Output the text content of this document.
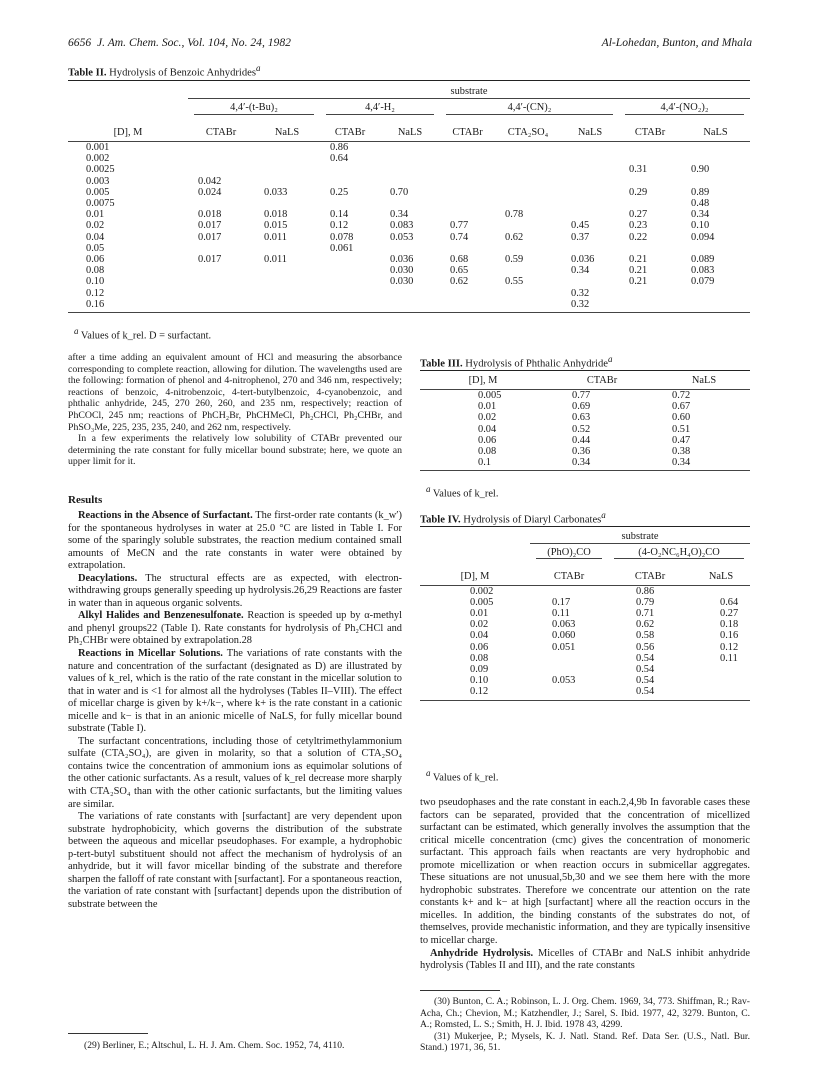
6656 J. Am. Chem. Soc., Vol. 104, No. 24, 1982	Al-Lohedan, Bunton, and Mhala
Table II. Hydrolysis of Benzoic Anhydrides$^a$

	substrate								
	4,4′-(t-Bu)₂		4,4′-H₂		4,4′-(CN)₂			4,4′-(NO₂)₂	

[D], M	CTABr	NaLS	CTABr	NaLS	CTABr	CTA₂SO₄	NaLS	CTABr	NaLS

0.001			0.86						
0.002			0.64						
0.0025								0.31	0.90
0.003	0.042								
0.005	0.024	0.033	0.25	0.70				0.29	0.89
0.0075									0.48
0.01	0.018	0.018	0.14	0.34		0.78		0.27	0.34
0.02	0.017	0.015	0.12	0.083	0.77		0.45	0.23	0.10
0.04	0.017	0.011	0.078	0.053	0.74	0.62	0.37	0.22	0.094
0.05			0.061						
0.06	0.017	0.011		0.036	0.68	0.59	0.036	0.21	0.089
0.08				0.030	0.65		0.34	0.21	0.083
0.10				0.030	0.62	0.55		0.21	0.079
0.12							0.32		
0.16							0.32		

a Values of k_rel. D = surfactant.

after a time adding an equivalent amount of HCl and measuring the absorbance corresponding to complete reaction, allowing for dilution. The wavelengths used are the following: formation of phenol and 4-nitrophenol, 270 and 346 nm, respectively; reactions of benzoic, 4-nitrobenzoic, 4-tert-butylbenzoic, 4-cyanobenzoic, and phthalic anhydride, 245, 270 260, 260, and 235 nm, respectively; reaction of PhCOCl, 245 nm; reactions of PhCH₂Br, PhCHMeCl, Ph₂CHCl, Ph₂CHBr, and PhSO₃Me, 225, 235, 235, 240, and 262 nm, respectively.

In a few experiments the relatively low solubility of CTABr prevented our determining the rate constant for fully micellar bound substrate; here, we quote an upper limit for it.

Results

Reactions in the Absence of Surfactant. The first-order rate contants (k_w′) for the spontaneous hydrolyses in water at 25.0 °C are listed in Table I. For some of the sparingly soluble substrates, the reaction medium contained small amounts of MeCN and the rate constants in water were obtained by extrapolation.

Deacylations. The structural effects are as expected, with electron-withdrawing groups generally speeding up hydrolysis.26,29 Reactions are faster in water than in aqueous organic solvents.

Alkyl Halides and Benzenesulfonate. Reaction is speeded up by α-methyl and phenyl groups22 (Table I). Rate constants for hydrolysis of Ph₂CHCl and Ph₂CHBr were obtained by extrapolation.28

Reactions in Micellar Solutions. The variations of rate constants with the nature and concentration of the surfactant (designated as D) are illustrated by values of k_rel, which is the ratio of the rate constant in the micellar solution to that in water and is <1 for almost all the hydrolyses (Tables II–VIII). The effect of micellar charge is given by k+/k−, where k+ is the rate constant in a cationic micelle and k− is that in an anionic micelle of NaLS, for fully micellar bound substrate (Table I).

The surfactant concentrations, including those of cetyltrimethylammonium sulfate (CTA₂SO₄), are given in molarity, so that a solution of CTA₂SO₄ contains twice the concentration of ammonium ions as equimolar solutions of the other cationic surfactants. As a result, values of k_rel decrease more sharply with CTA₂SO₄ than with the other cationic surfactants, but the limiting values are similar.

The variations of rate constants with [surfactant] are very dependent upon substrate hydrophobicity, which governs the distribution of the substrate between the aqueous and micellar pseudophases. For example, a hydrophobic p-tert-butyl substituent should not affect the mechanism of hydrolysis of an anhydride, but it will favor micellar binding of the substrate and therefore sharpen the falloff of rate constant with [surfactant]. For a spontaneous reaction, the variation of rate constant with [surfactant] depends upon the distribution of substrate between the

(29) Berliner, E.; Altschul, L. H. J. Am. Chem. Soc. 1952, 74, 4110.
Table III. Hydrolysis of Phthalic Anhydride$^a$

[D], M	CTABr	NaLS

0.005	0.77	0.72
0.01	0.69	0.67
0.02	0.63	0.60
0.04	0.52	0.51
0.06	0.44	0.47
0.08	0.36	0.38
0.1	0.34	0.34

a Values of k_rel.
Table IV. Hydrolysis of Diaryl Carbonates$^a$

	substrate		
	(PhO)₂CO	(4-O₂NC₆H₄O)₂CO	

[D], M	CTABr	CTABr	NaLS

0.002		0.86	
0.005	0.17	0.79	0.64
0.01	0.11	0.71	0.27
0.02	0.063	0.62	0.18
0.04	0.060	0.58	0.16
0.06	0.051	0.56	0.12
0.08		0.54	0.11
0.09		0.54	
0.10	0.053	0.54	
0.12		0.54	

a Values of k_rel.

two pseudophases and the rate constant in each.2,4,9b In favorable cases these factors can be separated, provided that the concentration of micellized surfactant can be estimated, which generally involves the assumption that the critical micelle concentration (cmc) gives the concentration of monomeric surfactant. This approach fails when reactants are very hydrophobic and promote micellization or when reaction occurs in submicellar aggregates. These situations are not unusual,5b,30 and we see them here with the more hydrophobic substrates. Therefore we concentrate our attention on the rate constants k+ and k− at high [surfactant] where all the reaction occurs in the micelles. In addition, the binding constants of the substrates do not, of themselves, provide mechanistic information, and they are typically insensitive to micellar charge.

Anhydride Hydrolysis. Micelles of CTABr and NaLS inhibit anhydride hydrolysis (Tables II and III), and the rate constants

(30) Bunton, C. A.; Robinson, L. J. Org. Chem. 1969, 34, 773. Shiffman, R.; Rav-Acha, Ch.; Chevion, M.; Katzhendler, J.; Sarel, S. Ibid. 1977, 42, 3279. Bunton, C. A.; Romsted, L. S.; Smith, H. J. Ibid. 1978 43, 4299.
(31) Mukerjee, P.; Mysels, K. J. Natl. Stand. Ref. Data Ser. (U.S., Natl. Bur. Stand.) 1971, 36, 51.
